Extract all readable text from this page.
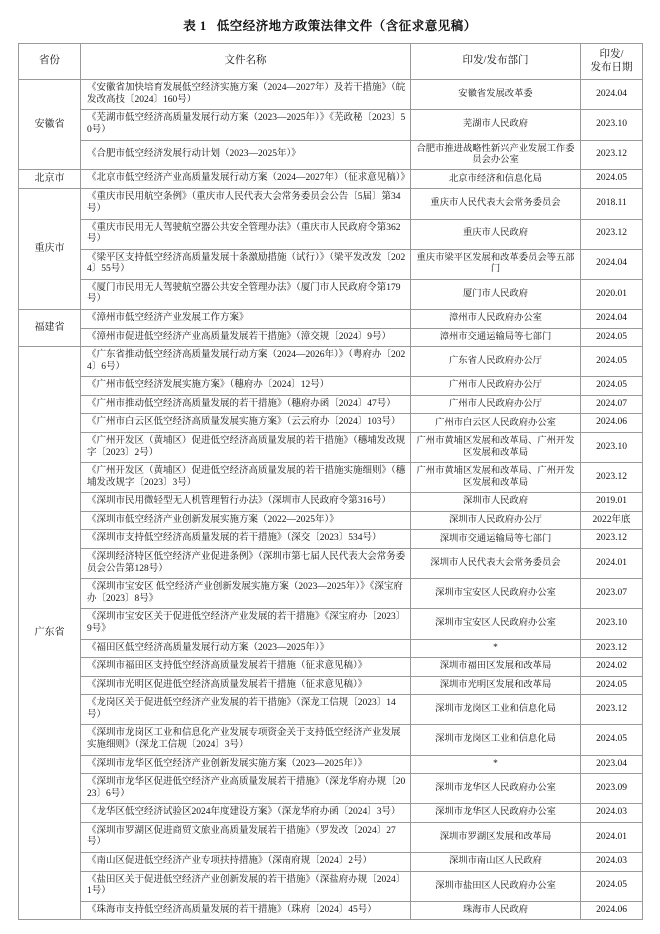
表 1 低空经济地方政策法律文件（含征求意见稿）
省份	文件名称	印发/发布部门	印发/
发布日期

安徽省	《安徽省加快培育发展低空经济实施方案（2024—2027年）及若干措施》（皖发改高技〔2024〕160号）	安徽省发展改革委	2024.04
	《芜湖市低空经济高质量发展行动方案（2023—2025年）》《芜政秘〔2023〕50号）	芜湖市人民政府	2023.10
	《合肥市低空经济发展行动计划（2023—2025年）》	合肥市推进战略性新兴产业发展工作委员会办公室	2023.12
北京市	《北京市低空经济产业高质量发展行动方案（2024—2027年）（征求意见稿）》	北京市经济和信息化局	2024.05
重庆市	《重庆市民用航空条例》（重庆市人民代表大会常务委员会公告〔5届〕第34号）	重庆市人民代表大会常务委员会	2018.11
	《重庆市民用无人驾驶航空器公共安全管理办法》（重庆市人民政府令第362号）	重庆市人民政府	2023.12
	《梁平区支持低空经济高质量发展十条激励措施（试行）》（梁平发改发〔2024〕55号）	重庆市梁平区发展和改革委员会等五部门	2024.04
	《厦门市民用无人驾驶航空器公共安全管理办法》（厦门市人民政府令第179号）	厦门市人民政府	2020.01
福建省	《漳州市低空经济产业发展工作方案》	漳州市人民政府办公室	2024.04
	《漳州市促进低空经济产业高质量发展若干措施》（漳交规〔2024〕9号）	漳州市交通运输局等七部门	2024.05
广东省	《广东省推动低空经济高质量发展行动方案（2024—2026年）》（粤府办〔2024〕6号）	广东省人民政府办公厅	2024.05
	《广州市低空经济发展实施方案》（穗府办〔2024〕12号）	广州市人民政府办公厅	2024.05
	《广州市推动低空经济高质量发展的若干措施》（穗府办函〔2024〕47号）	广州市人民政府办公厅	2024.07
	《广州市白云区低空经济高质量发展实施方案》（云云府办〔2024〕103号）	广州市白云区人民政府办公室	2024.06
	《广州开发区（黄埔区）促进低空经济高质量发展的若干措施》（穗埔发改规字〔2023〕2号）	广州市黄埔区发展和改革局、广州开发区发展和改革局	2023.10
	《广州开发区（黄埔区）促进低空经济高质量发展的若干措施实施细则》（穗埔发改规字〔2023〕3号）	广州市黄埔区发展和改革局、广州开发区发展和改革局	2023.12
	《深圳市民用微轻型无人机管理暂行办法》（深圳市人民政府令第316号）	深圳市人民政府	2019.01
	《深圳市低空经济产业创新发展实施方案（2022—2025年）》	深圳市人民政府办公厅	2022年底
	《深圳市支持低空经济高质量发展的若干措施》（深交〔2023〕534号）	深圳市交通运输局等七部门	2023.12
	《深圳经济特区低空经济产业促进条例》（深圳市第七届人民代表大会常务委员会公告第128号）	深圳市人民代表大会常务委员会	2024.01
	《深圳市宝安区 低空经济产业创新发展实施方案（2023—2025年）》《深宝府办〔2023〕8号》	深圳市宝安区人民政府办公室	2023.07
	《深圳市宝安区关于促进低空经济产业发展的若干措施》《深宝府办〔2023〕9号》	深圳市宝安区人民政府办公室	2023.10
	《福田区低空经济高质量发展行动方案（2023—2025年）》	*	2023.12
	《深圳市福田区支持低空经济高质量发展若干措施（征求意见稿）》	深圳市福田区发展和改革局	2024.02
	《深圳市光明区促进低空经济高质量发展若干措施（征求意见稿）》	深圳市光明区发展和改革局	2024.05
	《龙岗区关于促进低空经济产业发展的若干措施》（深龙工信规〔2023〕14号）	深圳市龙岗区工业和信息化局	2023.12
	《深圳市龙岗区工业和信息化产业发展专项资金关于支持低空经济产业发展实施细则》（深龙工信规〔2024〕3号）	深圳市龙岗区工业和信息化局	2024.05
	《深圳市龙华区低空经济产业创新发展实施方案（2023—2025年）》	*	2023.04
	《深圳市龙华区促进低空经济产业高质量发展若干措施》（深龙华府办规〔2023〕6号）	深圳市龙华区人民政府办公室	2023.09
	《龙华区低空经济试验区2024年度建设方案》（深龙华府办函〔2024〕3号）	深圳市龙华区人民政府办公室	2024.03
	《深圳市罗湖区促进商贸文旅业高质量发展若干措施》（罗发改〔2024〕27号）	深圳市罗湖区发展和改革局	2024.01
	《南山区促进低空经济产业专项扶持措施》（深南府规〔2024〕2号）	深圳市南山区人民政府	2024.03
	《盐田区关于促进低空经济产业创新发展的若干措施》（深盐府办规〔2024〕1号）	深圳市盐田区人民政府办公室	2024.05
	《珠海市支持低空经济高质量发展的若干措施》（珠府〔2024〕45号）	珠海市人民政府	2024.06
